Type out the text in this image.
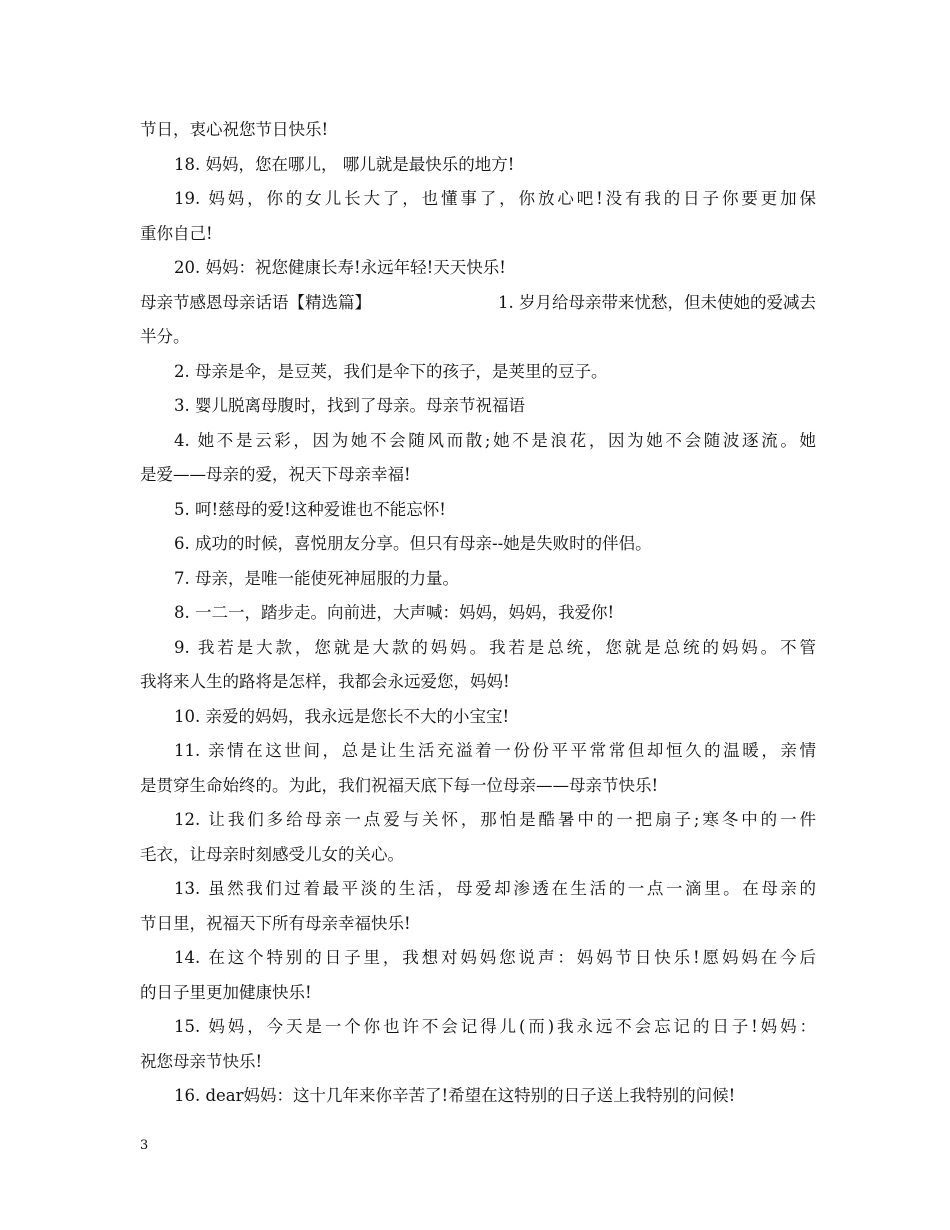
节日，衷心祝您节日快乐!
18. 妈妈，您在哪儿， 哪儿就是最快乐的地方!
19. 妈妈，你的女儿长大了，也懂事了，你放心吧!没有我的日子你要更加保
重你自己!
20. 妈妈：祝您健康长寿!永远年轻!天天快乐!
母亲节感恩母亲话语【精选篇】	1. 岁月给母亲带来忧愁，但未使她的爱减去
半分。
2. 母亲是伞，是豆荚，我们是伞下的孩子，是荚里的豆子。
3. 婴儿脱离母腹时，找到了母亲。母亲节祝福语
4. 她不是云彩，因为她不会随风而散;她不是浪花，因为她不会随波逐流。她
是爱——母亲的爱，祝天下母亲幸福!
5. 呵!慈母的爱!这种爱谁也不能忘怀!
6. 成功的时候，喜悦朋友分享。但只有母亲--她是失败时的伴侣。
7. 母亲，是唯一能使死神屈服的力量。
8. 一二一，踏步走。向前进，大声喊：妈妈，妈妈，我爱你!
9. 我若是大款，您就是大款的妈妈。我若是总统，您就是总统的妈妈。不管
我将来人生的路将是怎样，我都会永远爱您，妈妈!
10. 亲爱的妈妈，我永远是您长不大的小宝宝!
11. 亲情在这世间，总是让生活充溢着一份份平平常常但却恒久的温暖，亲情
是贯穿生命始终的。为此，我们祝福天底下每一位母亲——母亲节快乐!
12. 让我们多给母亲一点爱与关怀，那怕是酷暑中的一把扇子;寒冬中的一件
毛衣，让母亲时刻感受儿女的关心。
13. 虽然我们过着最平淡的生活，母爱却渗透在生活的一点一滴里。在母亲的
节日里，祝福天下所有母亲幸福快乐!
14. 在这个特别的日子里，我想对妈妈您说声：妈妈节日快乐!愿妈妈在今后
的日子里更加健康快乐!
15. 妈妈，今天是一个你也许不会记得儿(而)我永远不会忘记的日子!妈妈：
祝您母亲节快乐!
16. dear妈妈：这十几年来你辛苦了!希望在这特别的日子送上我特别的问候!
3
